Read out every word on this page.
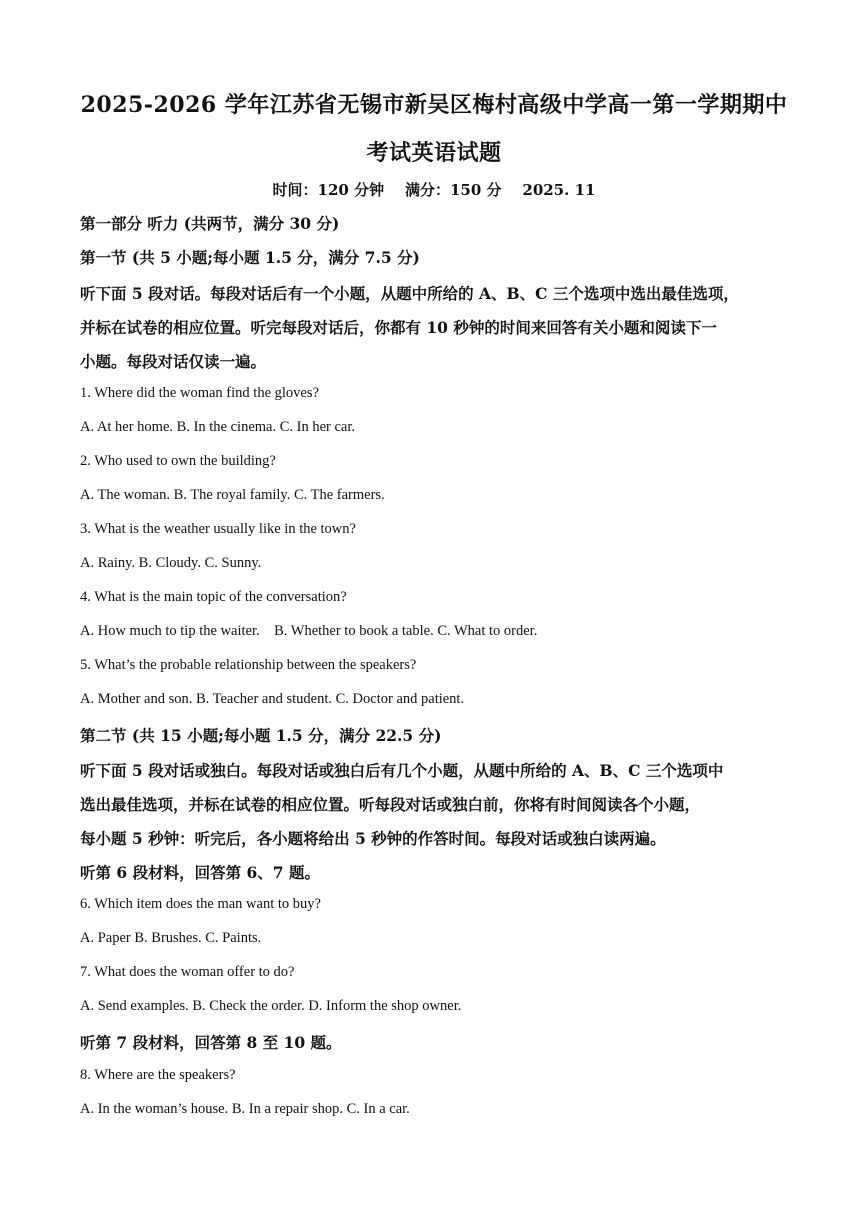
2025-2026 学年江苏省无锡市新吴区梅村高级中学高一第一学期期中
考试英语试题
时间：120 分钟    满分：150 分    2025. 11
第一部分 听力 (共两节，满分 30 分)
第一节 (共 5 小题;每小题 1.5 分，满分 7.5 分)
听下面 5 段对话。每段对话后有一个小题，从题中所给的 A、B、C 三个选项中选出最佳选项，
并标在试卷的相应位置。听完每段对话后，你都有 10 秒钟的时间来回答有关小题和阅读下一
小题。每段对话仅读一遍。
1. Where did the woman find the gloves?
A. At her home. B. In the cinema. C. In her car.
2. Who used to own the building?
A. The woman. B. The royal family. C. The farmers.
3. What is the weather usually like in the town?
A. Rainy. B. Cloudy. C. Sunny.
4. What is the main topic of the conversation?
A. How much to tip the waiter.    B. Whether to book a table. C. What to order.
5. What’s the probable relationship between the speakers?
A. Mother and son. B. Teacher and student. C. Doctor and patient.
第二节 (共 15 小题;每小题 1.5 分，满分 22.5 分)
听下面 5 段对话或独白。每段对话或独白后有几个小题，从题中所给的 A、B、C 三个选项中
选出最佳选项，并标在试卷的相应位置。听每段对话或独白前，你将有时间阅读各个小题，
每小题 5 秒钟：听完后，各小题将给出 5 秒钟的作答时间。每段对话或独白读两遍。
听第 6 段材料，回答第 6、7 题。
6. Which item does the man want to buy?
A. Paper B. Brushes. C. Paints.
7. What does the woman offer to do?
A. Send examples. B. Check the order. D. Inform the shop owner.
听第 7 段材料，回答第 8 至 10 题。
8. Where are the speakers?
A. In the woman’s house. B. In a repair shop. C. In a car.
